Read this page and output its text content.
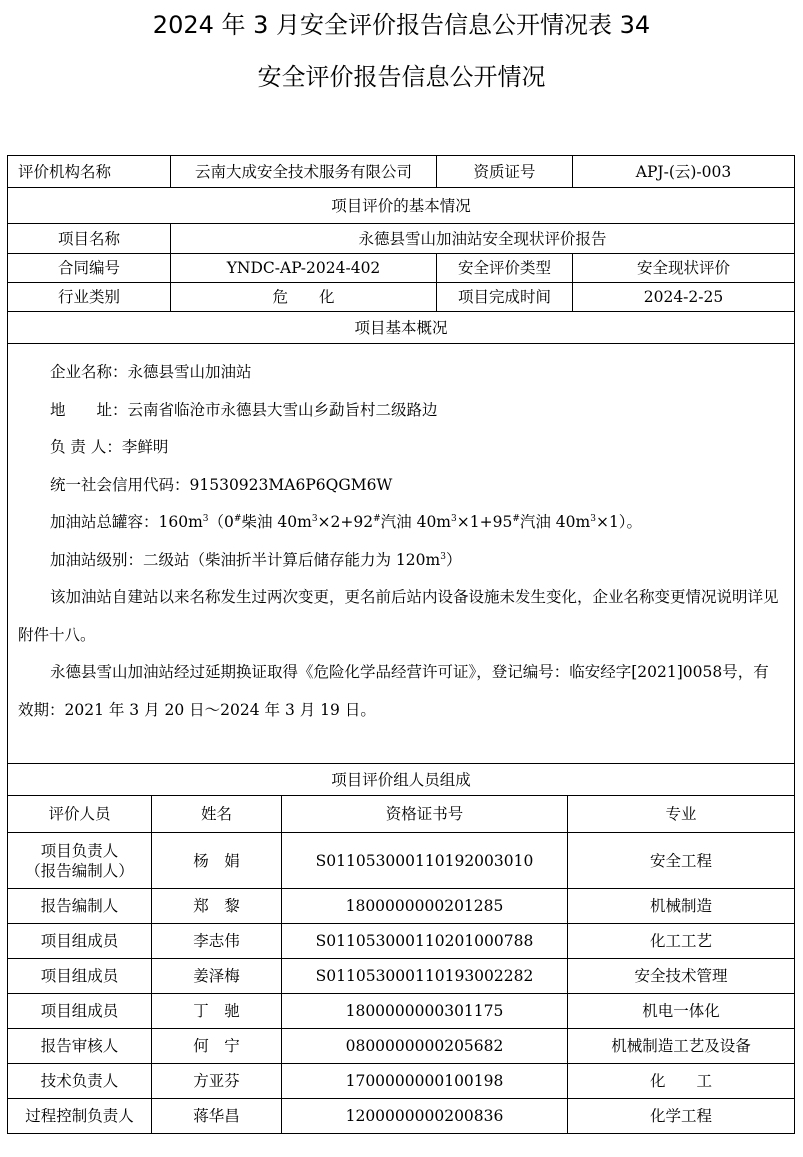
2024 年 3 月安全评价报告信息公开情况表 34
安全评价报告信息公开情况
评价机构名称	云南大成安全技术服务有限公司	资质证号	APJ-(云)-003
项目评价的基本情况
项目名称	永德县雪山加油站安全现状评价报告
合同编号	YNDC-AP-2024-402	安全评价类型	安全现状评价
行业类别	危　　化	项目完成时间	2024-2-25
项目基本概况

企业名称：永德县雪山加油站

地　　址：云南省临沧市永德县大雪山乡勐旨村二级路边

负 责 人：李鲜明

统一社会信用代码：91530923MA6P6QGM6W

加油站总罐容：$160m^3(0^{\#}$柴油 $40m^3\times 2+92^{\#}$汽油 $40m^3\times 1+95^{\#}$汽油 $40m^3\times 1$）。

加油站级别：二级站（柴油折半计算后储存能力为 $120m^3$）

该加油站自建站以来名称发生过两次变更，更名前后站内设备设施未发生变化，企业名称变更情况说明详见附件十八。

永德县雪山加油站经过延期换证取得《危险化学品经营许可证》，登记编号：临安经字[2021]0058号，有效期：2021 年 3 月 20 日～2024 年 3 月 19 日。

项目评价组人员组成
评价人员	姓名	资格证书号	专业
项目负责人
（报告编制人）
杨　娟	S011053000110192003010	安全工程
报告编制人	郑　黎	1800000000201285	机械制造
项目组成员	李志伟	S011053000110201000788	化工工艺
项目组成员	姜泽梅	S011053000110193002282	安全技术管理
项目组成员	丁　驰	1800000000301175	机电一体化
报告审核人	何　宁	0800000000205682	机械制造工艺及设备
技术负责人	方亚芬	1700000000100198	化　　工
过程控制负责人	蒋华昌	1200000000200836	化学工程
